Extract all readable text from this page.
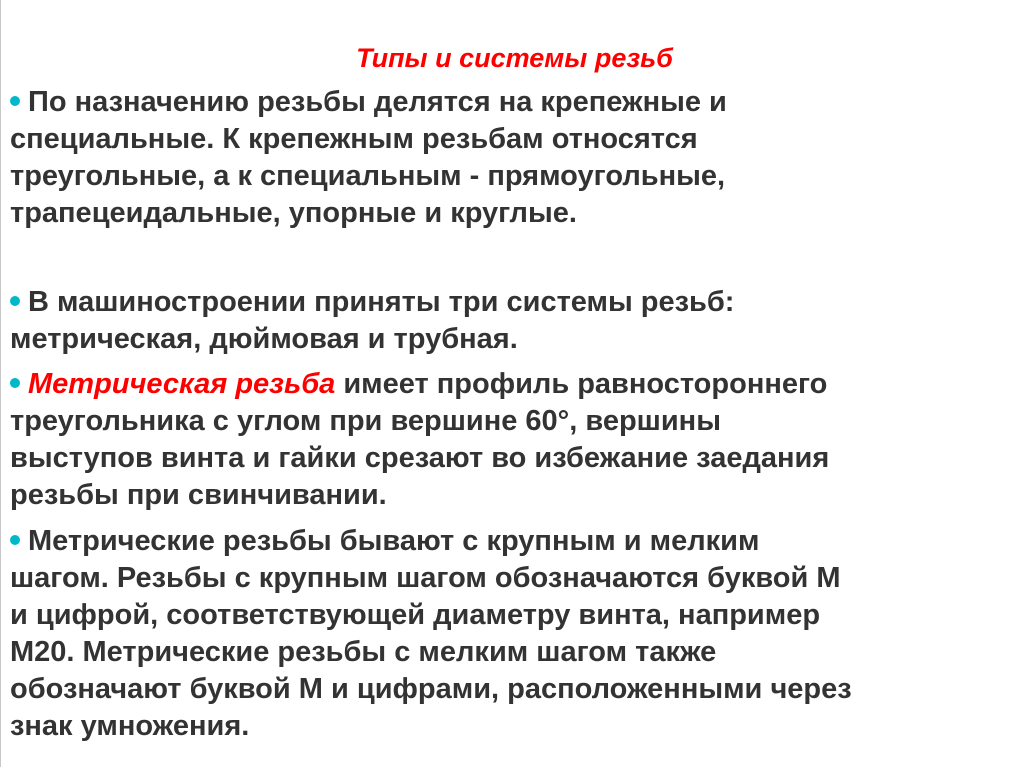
Типы и системы резьб
По назначению резьбы делятся на крепежные и
специальные. К крепежным резьбам относятся
треугольные, а к специальным - прямоугольные,
трапецеидальные, упорные и круглые.
В машиностроении приняты три системы резьб:
метрическая, дюймовая и трубная.
Метрическая резьба имеет профиль равностороннего
треугольника с углом при вершине 60°, вершины
выступов винта и гайки срезают во избежание заедания
резьбы при свинчивании.
Метрические резьбы бывают с крупным и мелким
шагом. Резьбы с крупным шагом обозначаются буквой М
и цифрой, соответствующей диаметру винта, например
М20. Метрические резьбы с мелким шагом также
обозначают буквой М и цифрами, расположенными через
знак умножения.
